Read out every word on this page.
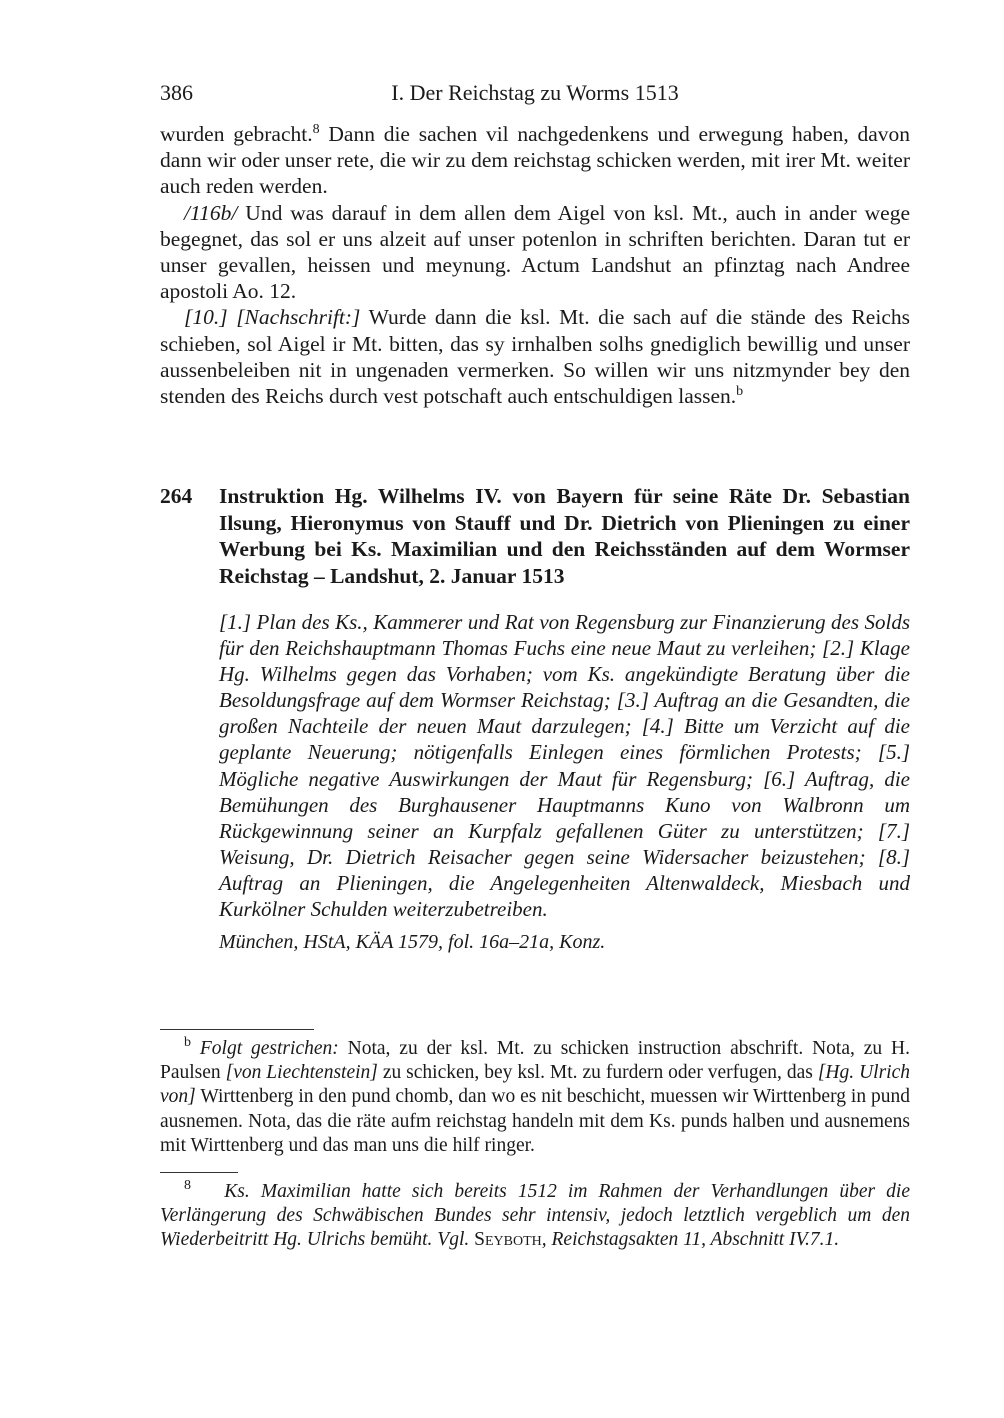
386	I. Der Reichstag zu Worms 1513

wurden gebracht.$^8$ Dann die sachen vil nachgedenkens und erwegung haben, davon dann wir oder unser rete, die wir zu dem reichstag schicken werden, mit irer Mt. weiter auch reden werden.

/116b/ Und was darauf in dem allen dem Aigel von ksl. Mt., auch in ander wege begegnet, das sol er uns alzeit auf unser potenlon in schriften berichten. Daran tut er unser gevallen, heissen und meynung. Actum Landshut an pfinztag nach Andree apostoli Ao. 12.

[10.] [Nachschrift:] Wurde dann die ksl. Mt. die sach auf die stände des Reichs schieben, sol Aigel ir Mt. bitten, das sy irnhalben solhs gnediglich bewillig und unser aussenbeleiben nit in ungenaden vermerken. So willen wir uns nitzmynder bey den stenden des Reichs durch vest potschaft auch entschuldigen lassen.$^b$

264 Instruktion Hg. Wilhelms IV. von Bayern für seine Räte Dr. Sebastian Ilsung, Hieronymus von Stauff und Dr. Dietrich von Plieningen zu einer Werbung bei Ks. Maximilian und den Reichsständen auf dem Wormser Reichstag – Landshut, 2. Januar 1513

[1.] Plan des Ks., Kammerer und Rat von Regensburg zur Finanzierung des Solds für den Reichshauptmann Thomas Fuchs eine neue Maut zu verleihen; [2.] Klage Hg. Wilhelms gegen das Vorhaben; vom Ks. angekündigte Beratung über die Besoldungsfrage auf dem Wormser Reichstag; [3.] Auftrag an die Gesandten, die großen Nachteile der neuen Maut darzulegen; [4.] Bitte um Verzicht auf die geplante Neuerung; nötigenfalls Einlegen eines förmlichen Protests; [5.] Mögliche negative Auswirkungen der Maut für Regensburg; [6.] Auftrag, die Bemühungen des Burghausener Hauptmanns Kuno von Walbronn um Rückgewinnung seiner an Kurpfalz gefallenen Güter zu unterstützen; [7.] Weisung, Dr. Dietrich Reisacher gegen seine Widersacher beizustehen; [8.] Auftrag an Plieningen, die Angelegenheiten Altenwaldeck, Miesbach und Kurkölner Schulden weiterzubetreiben.

München, HStA, KÄA 1579, fol. 16a–21a, Konz.

$^b$ Folgt gestrichen: Nota, zu der ksl. Mt. zu schicken instruction abschrift. Nota, zu H. Paulsen [von Liechtenstein] zu schicken, bey ksl. Mt. zu furdern oder verfugen, das [Hg. Ulrich von] Wirttenberg in den pund chomb, dan wo es nit beschicht, muessen wir Wirttenberg in pund ausnemen. Nota, das die räte aufm reichstag handeln mit dem Ks. punds halben und ausnemens mit Wirttenberg und das man uns die hilf ringer.

$^8$ Ks. Maximilian hatte sich bereits 1512 im Rahmen der Verhandlungen über die Verlängerung des Schwäbischen Bundes sehr intensiv, jedoch letztlich vergeblich um den Wiederbeitritt Hg. Ulrichs bemüht. Vgl. Seyboth, Reichstagsakten 11, Abschnitt IV.7.1.
